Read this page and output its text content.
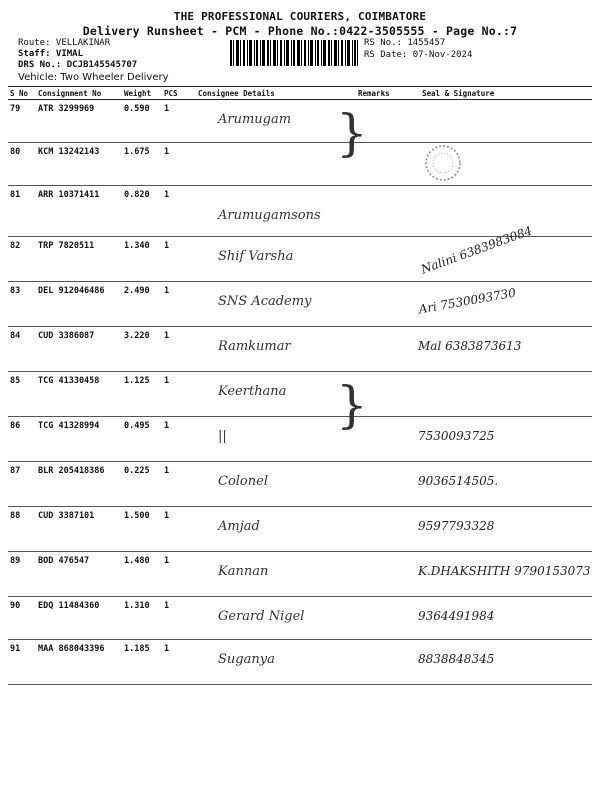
THE PROFESSIONAL COURIERS, COIMBATORE
Delivery Runsheet - PCM - Phone No.:0422-3505555 - Page No.:7
Route: VELLAKINAR
Staff: VIMAL
DRS No.: DCJB145545707
RS No.: 1455457
RS Date: 07-Nov-2024
Vehicle: Two Wheeler Delivery
S No	Consignment No	Weight	PCS	Consignee Details	Remarks	Seal & Signature
79	ATR 3299969	0.590	1	Arumugam }		

80	KCM 13242143	1.675	1	

81	ARR 10371411	0.820	1	Arumugamsons		

82	TRP 7820511	1.340	1	Shif Varsha		Nalini 6383983084

83	DEL 912046486	2.490	1	SNS Academy		Ari 7530093730

84	CUD 3386087	3.220	1	Ramkumar		Mal 6383873613

85	TCG 41330458	1.125	1	Keerthana }		

86	TCG 41328994	0.495	1	||		7530093725

87	BLR 205418386	0.225	1	Colonel		9036514505.

88	CUD 3387101	1.500	1	Amjad		9597793328

89	BOD 476547	1.480	1	Kannan		K.DHAKSHITH 9790153073

90	EDQ 11484360	1.310	1	Gerard Nigel		9364491984

91	MAA 868043396	1.185	1	Suganya		8838848345
